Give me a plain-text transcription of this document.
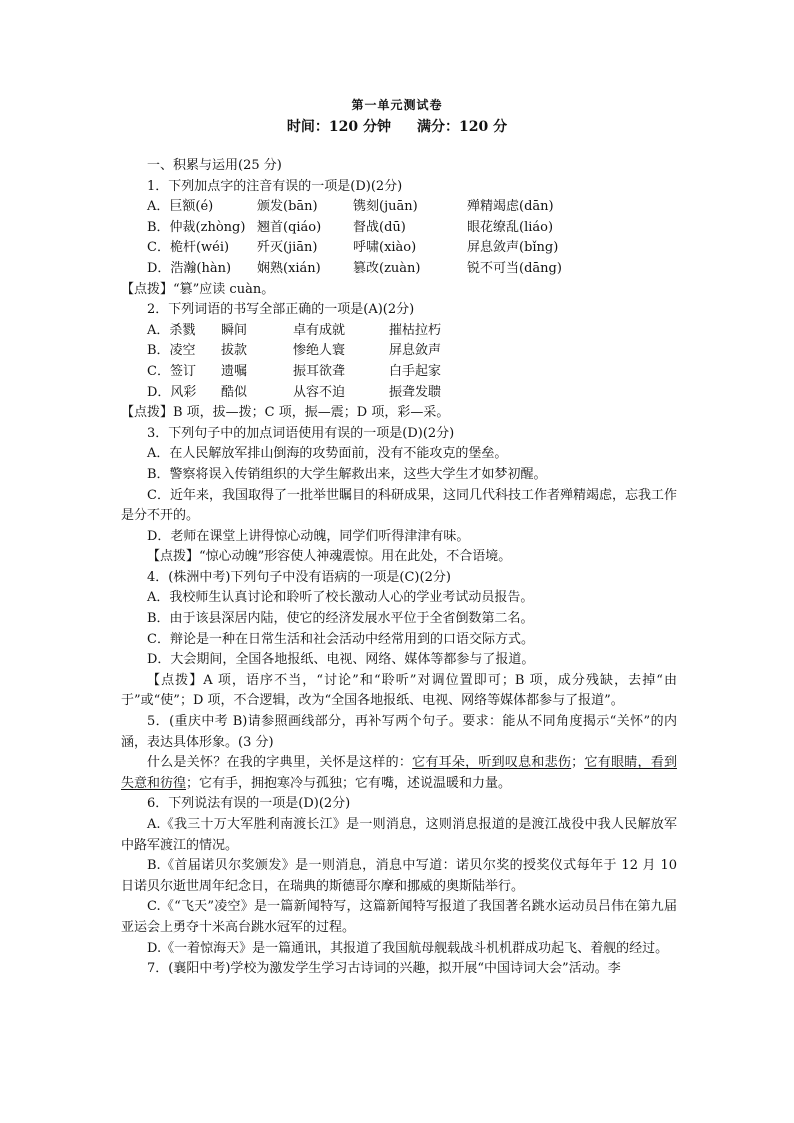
第一单元测试卷
时间：120 分钟 满分：120 分

一、积累与运用(25 分)

1．下列加点字的注音有误的一项是(D)(2分)

A．巨额(é)	颁发(bān)	镌刻(juān)	殚精竭虑(dān)
B．仲裁(zhòng) 翘首(qiáo)	督战(dū)	眼花缭乱(liáo)
C．桅杆(wéi)	歼灭(jiān)	呼啸(xiào)	屏息敛声(bǐng)
D．浩瀚(hàn)	娴熟(xián)	篡改(zuàn)	锐不可当(dāng)

【点拨】“篡”应读 cuàn。

2．下列词语的书写全部正确的一项是(A)(2分)

A．杀戮	瞬间	卓有成就	摧枯拉朽
B．凌空	拔款	惨绝人寰	屏息敛声
C．签订	遗嘱	振耳欲聋	白手起家
D．风彩	酷似	从容不迫	振聋发聩

【点拨】B 项，拔—拨；C 项，振—震；D 项，彩—采。

3．下列句子中的加点词语使用有误的一项是(D)(2分)

A．在人民解放军排山倒海的攻势面前，没有不能攻克的堡垒。

B．警察将误入传销组织的大学生解救出来，这些大学生才如梦初醒。

C．近年来，我国取得了一批举世瞩目的科研成果，这同几代科技工作者殚精竭虑，忘我工作是分不开的。

D．老师在课堂上讲得惊心动魄，同学们听得津津有味。

【点拨】“惊心动魄”形容使人神魂震惊。用在此处，不合语境。

4．(株洲中考)下列句子中没有语病的一项是(C)(2分)

A．我校师生认真讨论和聆听了校长激动人心的学业考试动员报告。

B．由于该县深居内陆，使它的经济发展水平位于全省倒数第二名。

C．辩论是一种在日常生活和社会活动中经常用到的口语交际方式。

D．大会期间，全国各地报纸、电视、网络、媒体等都参与了报道。

【点拨】A 项，语序不当，“讨论”和“聆听”对调位置即可；B 项，成分残缺，去掉“由于”或“使”；D 项，不合逻辑，改为“全国各地报纸、电视、网络等媒体都参与了报道”。

5．(重庆中考 B)请参照画线部分，再补写两个句子。要求：能从不同角度揭示“关怀”的内涵，表达具体形象。(3 分)

什么是关怀？在我的字典里，关怀是这样的：它有耳朵，听到叹息和悲伤；它有眼睛，看到失意和彷徨；它有手，拥抱寒冷与孤独；它有嘴，述说温暖和力量。

6．下列说法有误的一项是(D)(2分)

A.《我三十万大军胜利南渡长江》是一则消息，这则消息报道的是渡江战役中我人民解放军中路军渡江的情况。

B.《首届诺贝尔奖颁发》是一则消息，消息中写道：诺贝尔奖的授奖仪式每年于 12 月 10 日诺贝尔逝世周年纪念日，在瑞典的斯德哥尔摩和挪威的奥斯陆举行。

C.《“飞天”凌空》是一篇新闻特写，这篇新闻特写报道了我国著名跳水运动员吕伟在第九届亚运会上勇夺十米高台跳水冠军的过程。

D.《一着惊海天》是一篇通讯，其报道了我国航母舰载战斗机机群成功起飞、着舰的经过。

7．(襄阳中考)学校为激发学生学习古诗词的兴趣，拟开展“中国诗词大会”活动。李
